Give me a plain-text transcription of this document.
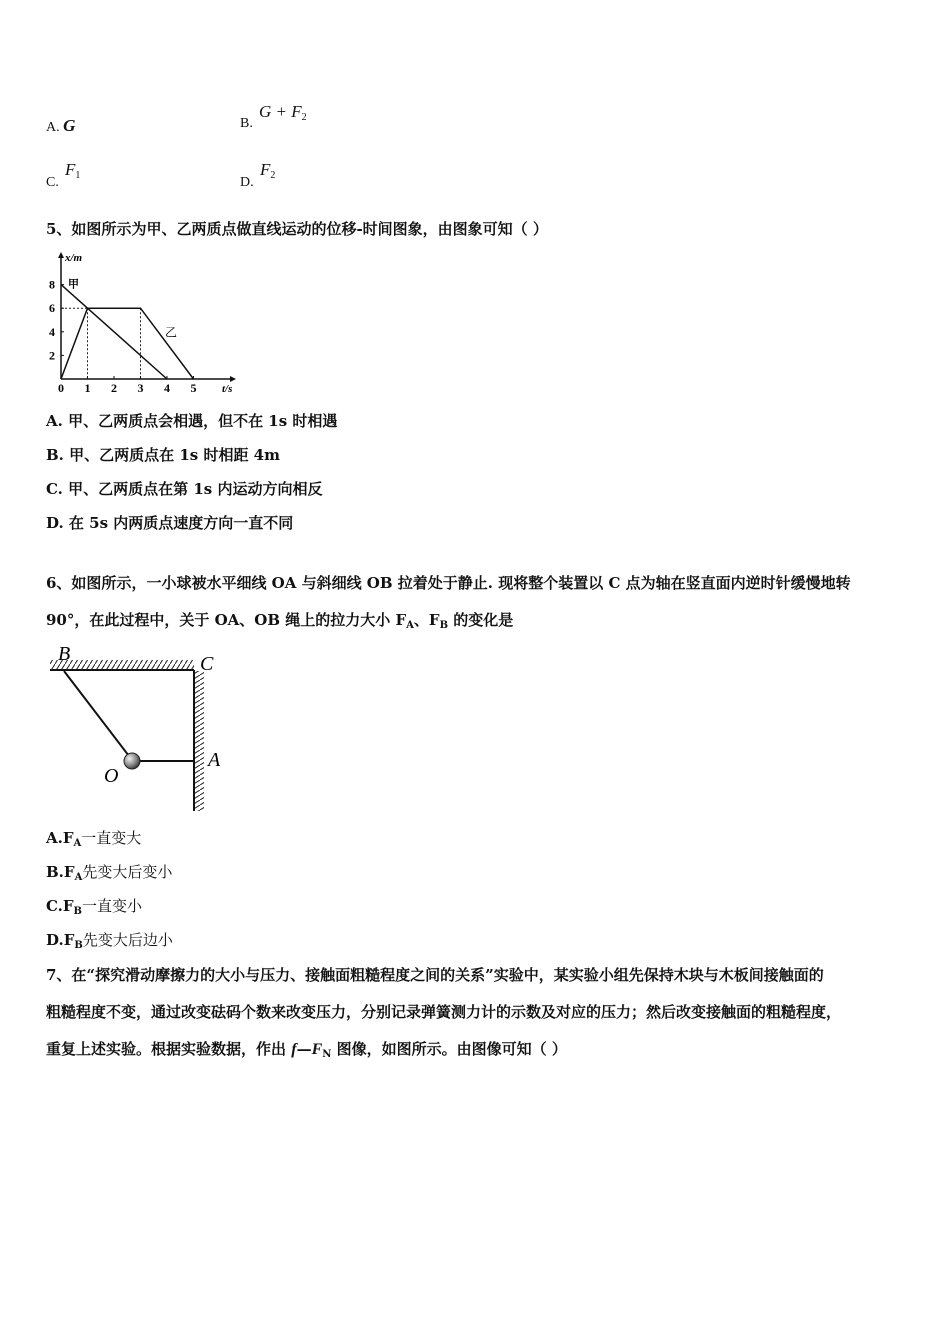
A. G	B.
$G + F_2$
C.
$F_1$	D.
$F_2$
5、如图所示为甲、乙两质点做直线运动的位移-时间图象，由图象可知（ ）
8
6
4
2
0 1 2 3 4 5
x/m
t/s
甲
乙
A. 甲、乙两质点会相遇，但不在 1s 时相遇
B. 甲、乙两质点在 1s 时相距 4m
C. 甲、乙两质点在第 1s 内运动方向相反
D. 在 5s 内两质点速度方向一直不同
6、如图所示，一小球被水平细线 OA 与斜细线 OB 拉着处于静止. 现将整个装置以 C 点为轴在竖直面内逆时针缓慢地转
90°，在此过程中，关于 OA、OB 绳上的拉力大小 $F_A$、$F_B$ 的变化是
B	C
O
A
$A.F_A$一直变大
$B.F_A$先变大后变小
$C.F_B$一直变小
$D.F_B$先变大后边小
7、在“探究滑动摩擦力的大小与压力、接触面粗糙程度之间的关系”实验中，某实验小组先保持木块与木板间接触面的
粗糙程度不变，通过改变砝码个数来改变压力，分别记录弹簧测力计的示数及对应的压力；然后改变接触面的粗糙程度，
重复上述实验。根据实验数据，作出 $f—F_N$ 图像，如图所示。由图像可知（ ）
